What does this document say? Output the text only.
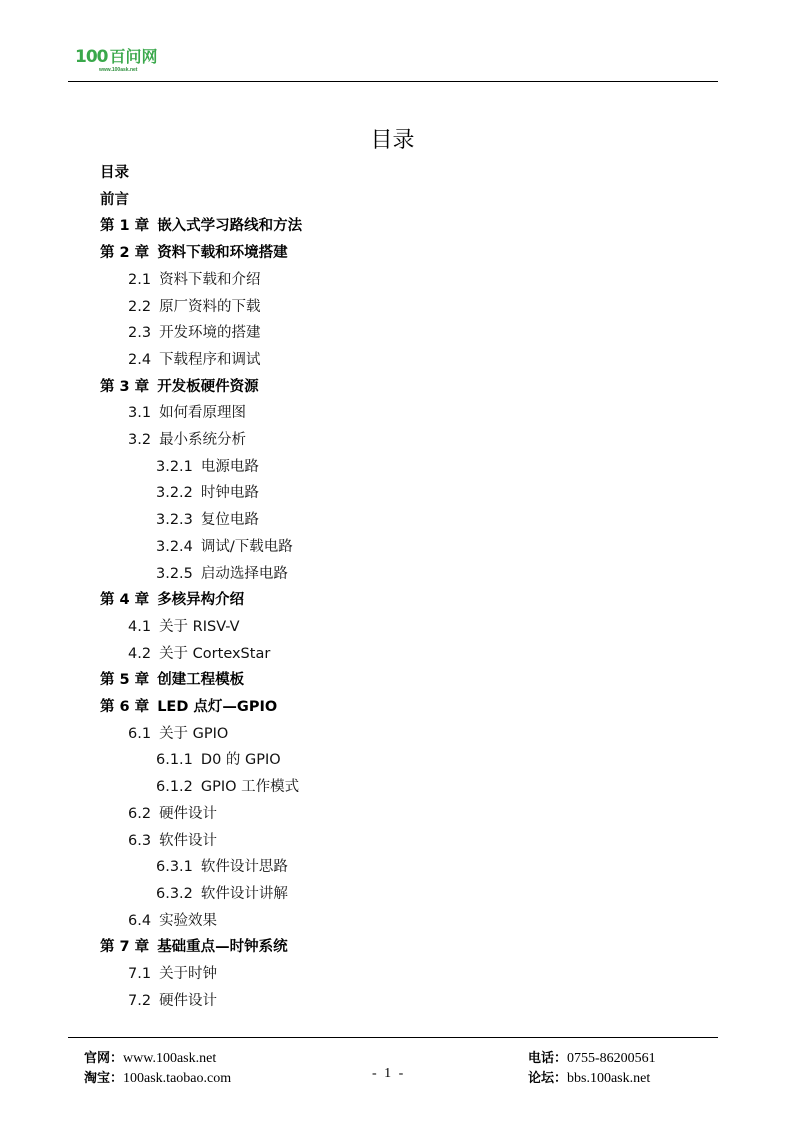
100 百问网
www.100ask.net
目录
目录
前言
第 1 章 嵌入式学习路线和方法
第 2 章 资料下载和环境搭建
2.1 资料下载和介绍
2.2 原厂资料的下载
2.3 开发环境的搭建
2.4 下载程序和调试
第 3 章 开发板硬件资源
3.1 如何看原理图
3.2 最小系统分析
3.2.1 电源电路
3.2.2 时钟电路
3.2.3 复位电路
3.2.4 调试/下载电路
3.2.5 启动选择电路
第 4 章 多核异构介绍
4.1 关于 RISV-V
4.2 关于 CortexStar
第 5 章 创建工程模板
第 6 章 LED 点灯—GPIO
6.1 关于 GPIO
6.1.1 D0 的 GPIO
6.1.2 GPIO 工作模式
6.2 硬件设计
6.3 软件设计
6.3.1 软件设计思路
6.3.2 软件设计讲解
6.4 实验效果
第 7 章 基础重点—时钟系统
7.1 关于时钟
7.2 硬件设计
官网：www.100ask.net
淘宝：100ask.taobao.com
电话：0755-86200561
论坛：bbs.100ask.net
- 1 -
